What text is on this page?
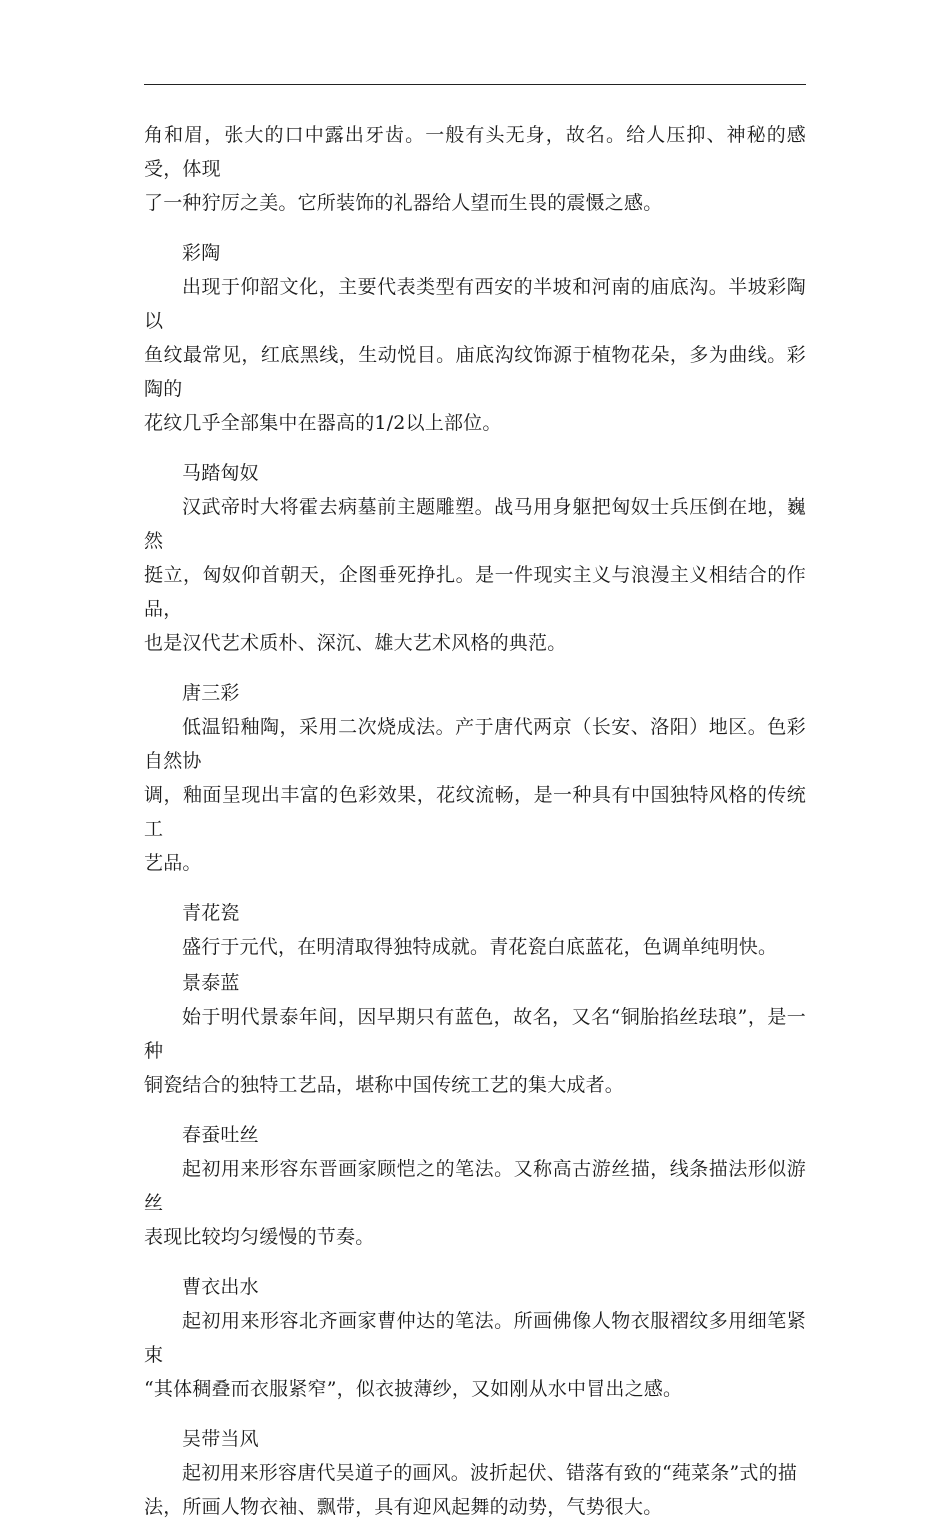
角和眉，张大的口中露出牙齿。一般有头无身，故名。给人压抑、神秘的感受，体现

了一种狞厉之美。它所装饰的礼器给人望而生畏的震慑之感。

彩陶

出现于仰韶文化，主要代表类型有西安的半坡和河南的庙底沟。半坡彩陶以

鱼纹最常见，红底黑线，生动悦目。庙底沟纹饰源于植物花朵，多为曲线。彩陶的

花纹几乎全部集中在器高的1/2以上部位。

马踏匈奴

汉武帝时大将霍去病墓前主题雕塑。战马用身躯把匈奴士兵压倒在地，巍然

挺立，匈奴仰首朝天，企图垂死挣扎。是一件现实主义与浪漫主义相结合的作品，

也是汉代艺术质朴、深沉、雄大艺术风格的典范。

唐三彩

低温铅釉陶，采用二次烧成法。产于唐代两京（长安、洛阳）地区。色彩自然协

调，釉面呈现出丰富的色彩效果，花纹流畅，是一种具有中国独特风格的传统工

艺品。

青花瓷

盛行于元代，在明清取得独特成就。青花瓷白底蓝花，色调单纯明快。

景泰蓝

始于明代景泰年间，因早期只有蓝色，故名，又名“铜胎掐丝珐琅”，是一种

铜瓷结合的独特工艺品，堪称中国传统工艺的集大成者。

春蚕吐丝

起初用来形容东晋画家顾恺之的笔法。又称高古游丝描，线条描法形似游丝

表现比较均匀缓慢的节奏。

曹衣出水

起初用来形容北齐画家曹仲达的笔法。所画佛像人物衣服褶纹多用细笔紧束

“其体稠叠而衣服紧窄”，似衣披薄纱，又如刚从水中冒出之感。

吴带当风

起初用来形容唐代吴道子的画风。波折起伏、错落有致的“莼菜条”式的描

法，所画人物衣袖、飘带，具有迎风起舞的动势，气势很大。
